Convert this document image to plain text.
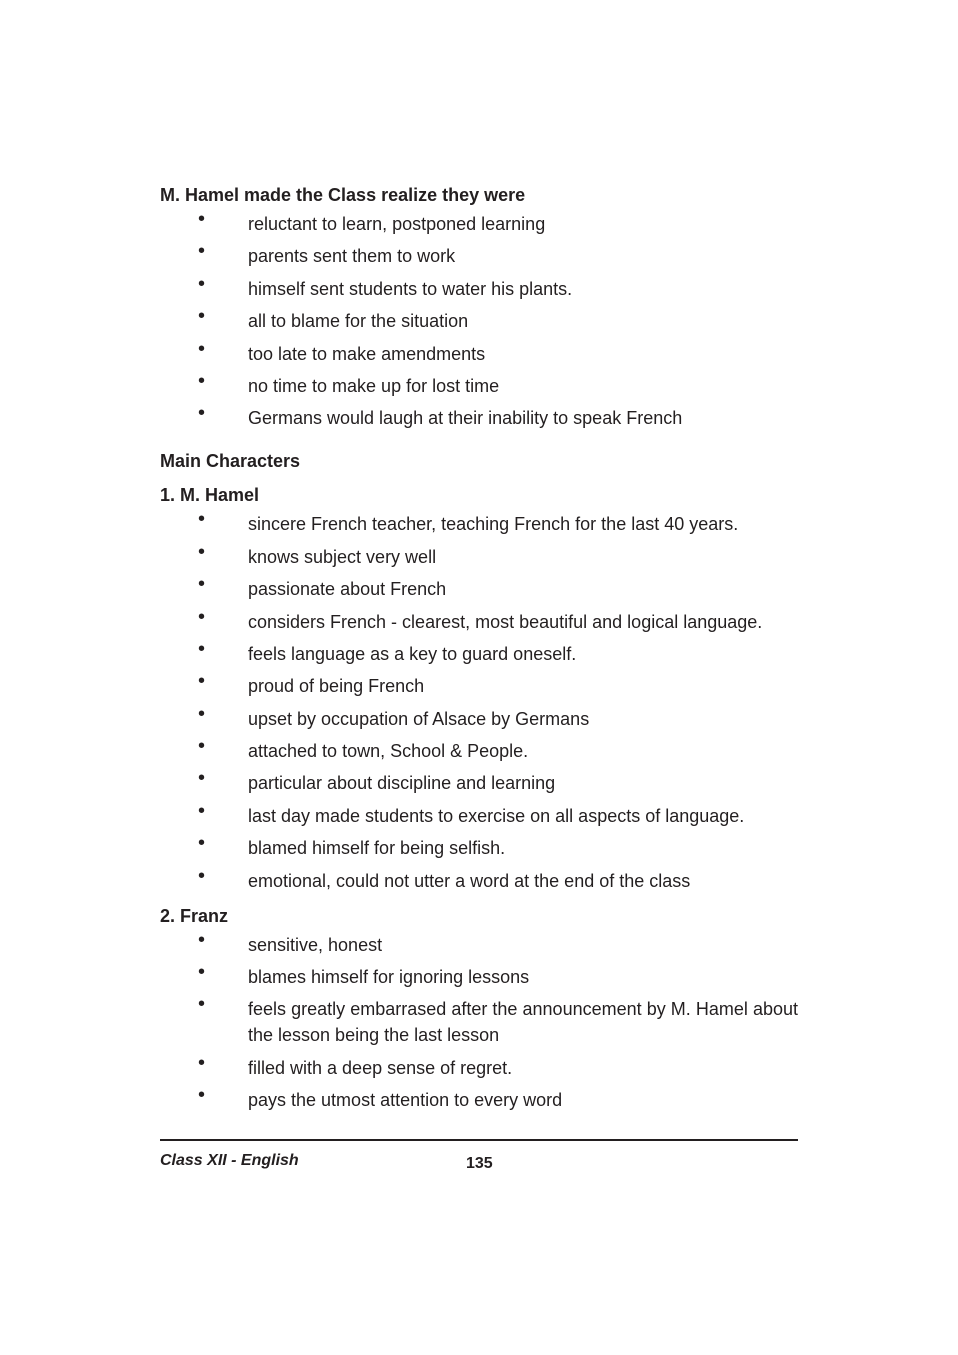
M. Hamel made the Class realize they were
• reluctant to learn, postponed learning
• parents sent them to work
• himself sent students to water his plants.
• all to blame for the situation
• too late to make amendments
• no time to make up for lost time
• Germans would laugh at their inability to speak French
Main Characters
1. M. Hamel
• sincere French teacher, teaching French for the last 40 years.
• knows subject very well
• passionate about French
• considers French - clearest, most beautiful and logical language.
• feels language as a key to guard oneself.
• proud of being French
• upset by occupation of Alsace by Germans
• attached to town, School & People.
• particular about discipline and learning
• last day made students to exercise on all aspects of language.
• blamed himself for being selfish.
• emotional, could not utter a word at the end of the class
2. Franz
• sensitive, honest
• blames himself for ignoring lessons
• feels greatly embarrased after the announcement by M. Hamel about the lesson being the last lesson
• filled with a deep sense of regret.
• pays the utmost attention to every word
Class XII - English	135
